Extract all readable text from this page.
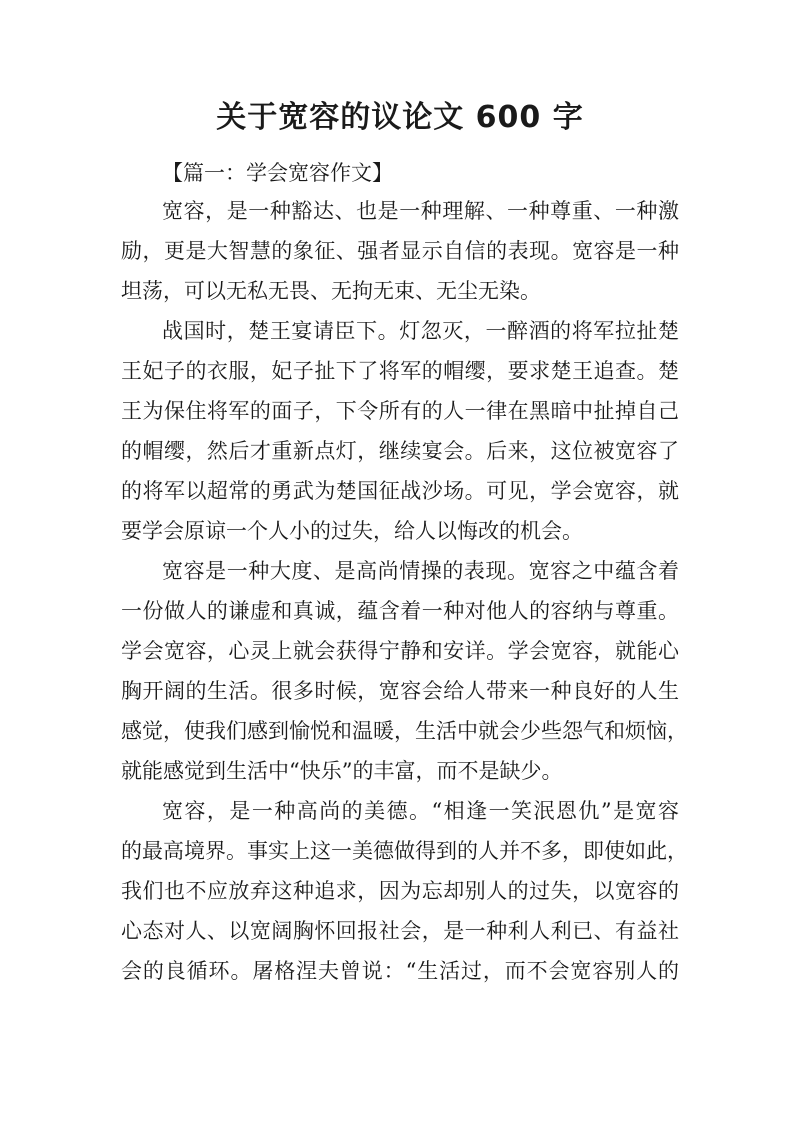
关于宽容的议论文 600 字

【篇一：学会宽容作文】

宽容，是一种豁达、也是一种理解、一种尊重、一种激
励，更是大智慧的象征、强者显示自信的表现。宽容是一种
坦荡，可以无私无畏、无拘无束、无尘无染。
战国时，楚王宴请臣下。灯忽灭，一醉酒的将军拉扯楚
王妃子的衣服，妃子扯下了将军的帽缨，要求楚王追查。楚
王为保住将军的面子，下令所有的人一律在黑暗中扯掉自己
的帽缨，然后才重新点灯，继续宴会。后来，这位被宽容了
的将军以超常的勇武为楚国征战沙场。可见，学会宽容，就
要学会原谅一个人小的过失，给人以悔改的机会。
宽容是一种大度、是高尚情操的表现。宽容之中蕴含着
一份做人的谦虚和真诚，蕴含着一种对他人的容纳与尊重。
学会宽容，心灵上就会获得宁静和安详。学会宽容，就能心
胸开阔的生活。很多时候，宽容会给人带来一种良好的人生
感觉，使我们感到愉悦和温暖，生活中就会少些怨气和烦恼，
就能感觉到生活中“快乐”的丰富，而不是缺少。
宽容，是一种高尚的美德。“相逢一笑泯恩仇”是宽容
的最高境界。事实上这一美德做得到的人并不多，即使如此，
我们也不应放弃这种追求，因为忘却别人的过失，以宽容的
心态对人、以宽阔胸怀回报社会，是一种利人利已、有益社
会的良循环。屠格涅夫曾说：“生活过，而不会宽容别人的
